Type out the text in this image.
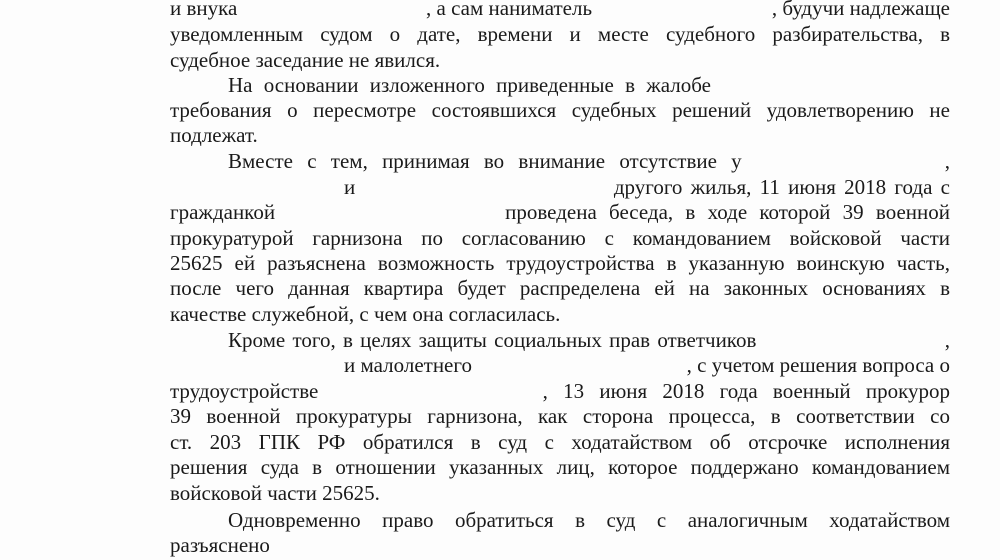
и внука	, а сам наниматель	, будучи надлежаще
уведомленным судом о дате, времени и месте судебного разбирательства, в
судебное заседание не явился.
На основании изложенного приведенные в жалобе
требования о пересмотре состоявшихся судебных решений удовлетворению не
подлежат.
Вместе с тем, принимая во внимание отсутствие у	,
и	другого жилья, 11 июня 2018 года с
гражданкой	проведена беседа, в ходе которой 39 военной
прокуратурой гарнизона по согласованию с командованием войсковой части
25625 ей разъяснена возможность трудоустройства в указанную воинскую часть,
после чего данная квартира будет распределена ей на законных основаниях в
качестве служебной, с чем она согласилась.
Кроме того, в целях защиты социальных прав ответчиков	,
и малолетнего	, с учетом решения вопроса о
трудоустройстве	, 13 июня 2018 года военный прокурор
39 военной прокуратуры гарнизона, как сторона процесса, в соответствии со
ст. 203 ГПК РФ обратился в суд с ходатайством об отсрочке исполнения
решения суда в отношении указанных лиц, которое поддержано командованием
войсковой части 25625.
Одновременно право обратиться в суд с аналогичным ходатайством
разъяснено
